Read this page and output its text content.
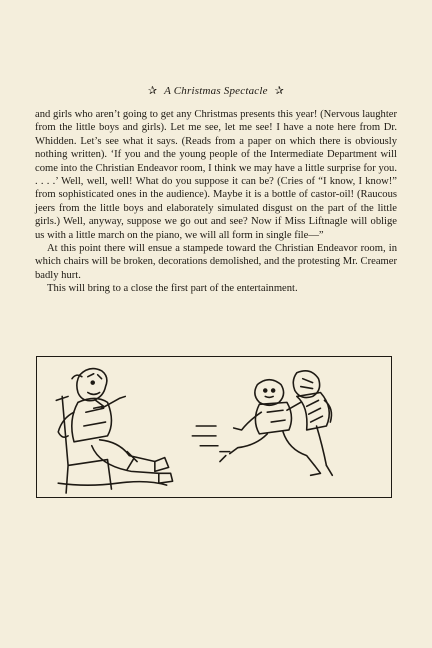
✰ A Christmas Spectacle ✰

and girls who aren’t going to get any Christmas presents this year! (Nervous laughter from the little boys and girls). Let me see, let me see! I have a note here from Dr. Whidden. Let’s see what it says. (Reads from a paper on which there is obviously nothing written). ‘If you and the young people of the Intermediate Department will come into the Christian Endeavor room, I think we may have a little surprise for you. . . . .’ Well, well, well! What do you suppose it can be? (Cries of “I know, I know!” from sophisticated ones in the audience). Maybe it is a bottle of castor-oil! (Raucous jeers from the little boys and elaborately simulated disgust on the part of the little girls.) Well, anyway, suppose we go out and see? Now if Miss Liftnagle will oblige us with a little march on the piano, we will all form in single file—”

At this point there will ensue a stampede toward the Christian Endeavor room, in which chairs will be broken, decorations demolished, and the protesting Mr. Creamer badly hurt.

This will bring to a close the first part of the entertainment.
